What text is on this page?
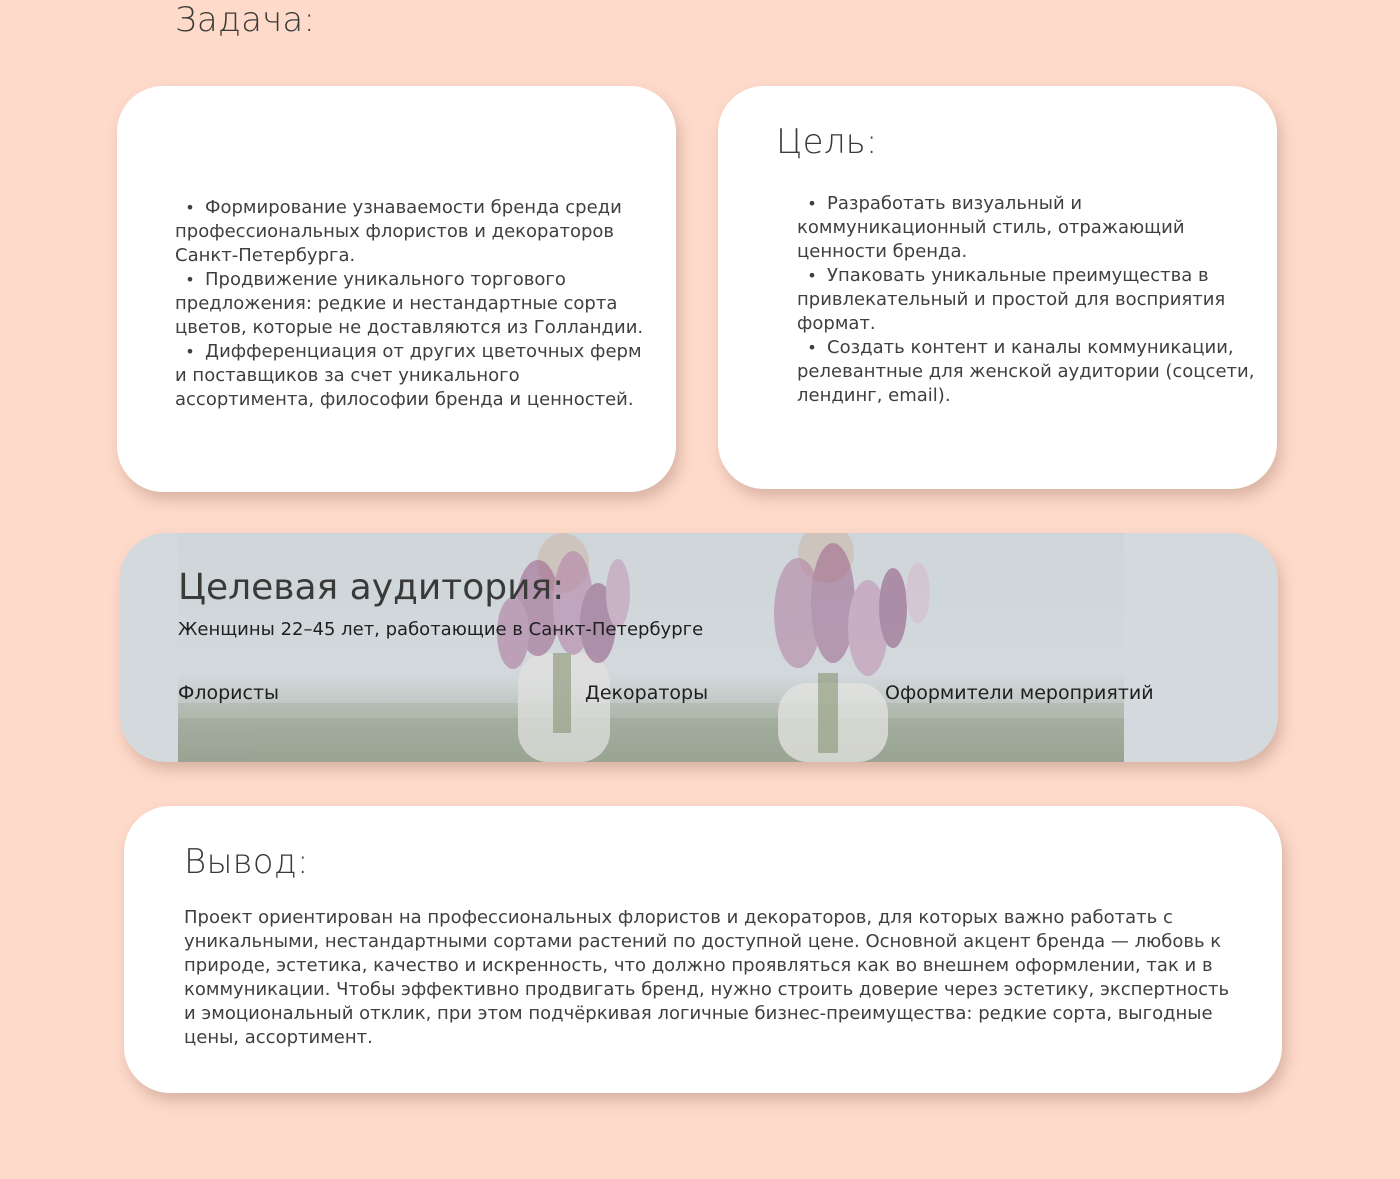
Задача:
• Формирование узнаваемости бренда среди профессиональных флористов и декораторов Санкт-Петербурга.
• Продвижение уникального торгового предложения: редкие и нестандартные сорта цветов, которые не доставляются из Голландии.
• Дифференциация от других цветочных ферм и поставщиков за счет уникального ассортимента, философии бренда и ценностей.
Цель:
• Разработать визуальный и коммуникационный стиль, отражающий ценности бренда.
• Упаковать уникальные преимущества в привлекательный и простой для восприятия формат.
• Создать контент и каналы коммуникации, релевантные для женской аудитории (соцсети, лендинг, email).
Целевая аудитория:
Женщины 22–45 лет, работающие в Санкт-Петербурге
Флористы	Декораторы	Оформители мероприятий
Вывод:

Проект ориентирован на профессиональных флористов и декораторов, для которых важно работать с уникальными, нестандартными сортами растений по доступной цене. Основной акцент бренда — любовь к природе, эстетика, качество и искренность, что должно проявляться как во внешнем оформлении, так и в коммуникации. Чтобы эффективно продвигать бренд, нужно строить доверие через эстетику, экспертность и эмоциональный отклик, при этом подчёркивая логичные бизнес-преимущества: редкие сорта, выгодные цены, ассортимент.
